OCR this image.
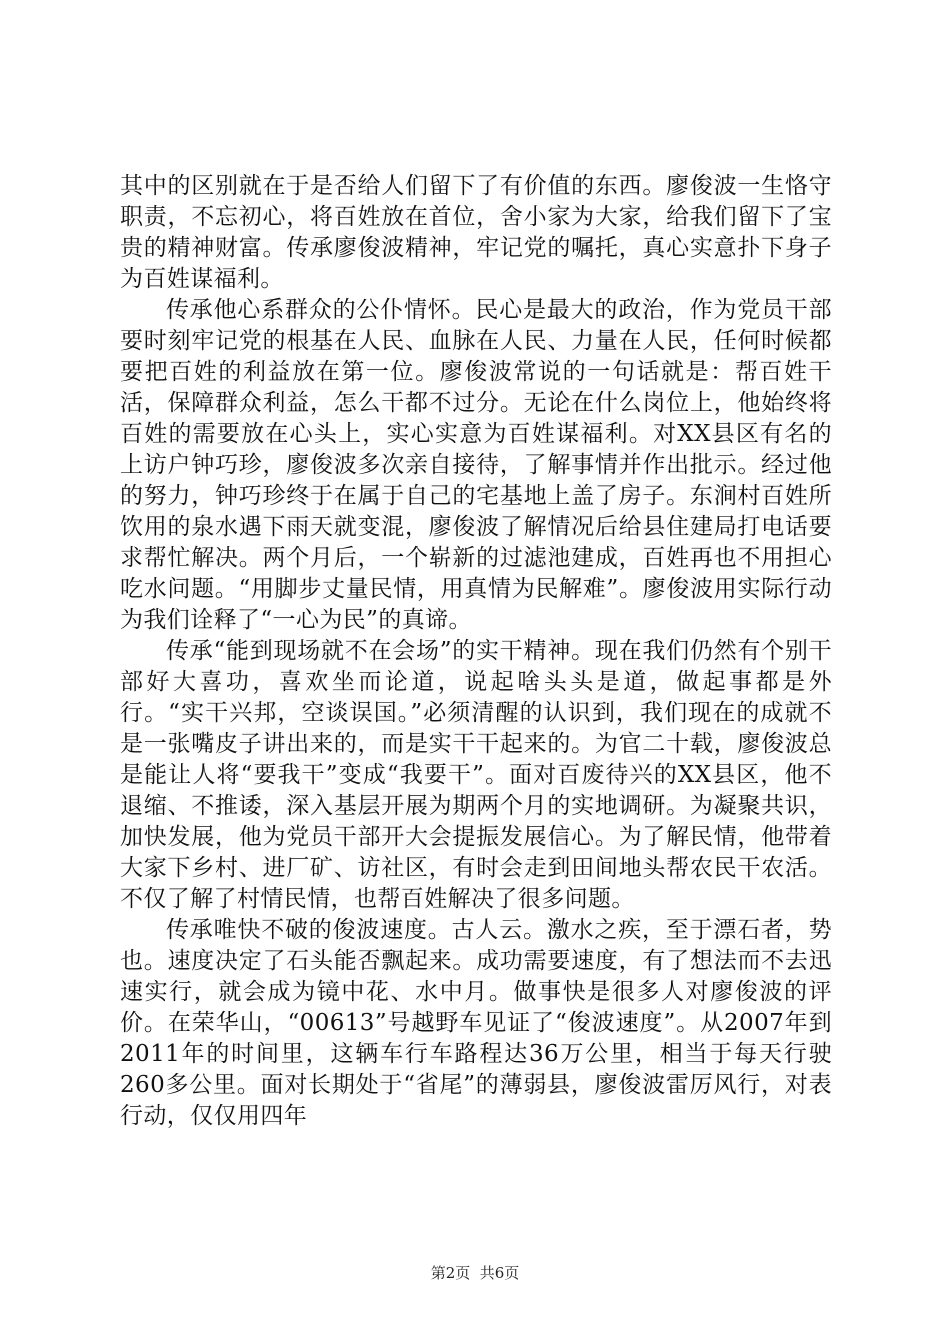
其中的区别就在于是否给人们留下了有价值的东西。廖俊波一生恪守职责，不忘初心，将百姓放在首位，舍小家为大家，给我们留下了宝贵的精神财富。传承廖俊波精神，牢记党的嘱托，真心实意扑下身子为百姓谋福利。

传承他心系群众的公仆情怀。民心是最大的政治，作为党员干部要时刻牢记党的根基在人民、血脉在人民、力量在人民，任何时候都要把百姓的利益放在第一位。廖俊波常说的一句话就是：帮百姓干活，保障群众利益，怎么干都不过分。无论在什么岗位上，他始终将百姓的需要放在心头上，实心实意为百姓谋福利。对XX县区有名的上访户钟巧珍，廖俊波多次亲自接待，了解事情并作出批示。经过他的努力，钟巧珍终于在属于自己的宅基地上盖了房子。东涧村百姓所饮用的泉水遇下雨天就变混，廖俊波了解情况后给县住建局打电话要求帮忙解决。两个月后，一个崭新的过滤池建成，百姓再也不用担心吃水问题。“用脚步丈量民情，用真情为民解难”。廖俊波用实际行动为我们诠释了“一心为民”的真谛。

传承“能到现场就不在会场”的实干精神。现在我们仍然有个别干部好大喜功，喜欢坐而论道，说起啥头头是道，做起事都是外行。“实干兴邦，空谈误国。”必须清醒的认识到，我们现在的成就不是一张嘴皮子讲出来的，而是实干干起来的。为官二十载，廖俊波总是能让人将“要我干”变成“我要干”。面对百废待兴的XX县区，他不退缩、不推诿，深入基层开展为期两个月的实地调研。为凝聚共识，加快发展，他为党员干部开大会提振发展信心。为了解民情，他带着大家下乡村、进厂矿、访社区，有时会走到田间地头帮农民干农活。不仅了解了村情民情，也帮百姓解决了很多问题。

传承唯快不破的俊波速度。古人云。激水之疾，至于漂石者，势也。速度决定了石头能否飘起来。成功需要速度，有了想法而不去迅速实行，就会成为镜中花、水中月。做事快是很多人对廖俊波的评价。在荣华山，“00613”号越野车见证了“俊波速度”。从2007年到2011年的时间里，这辆车行车路程达36万公里，相当于每天行驶260多公里。面对长期处于“省尾”的薄弱县，廖俊波雷厉风行，对表行动，仅仅用四年

第2页  共6页
